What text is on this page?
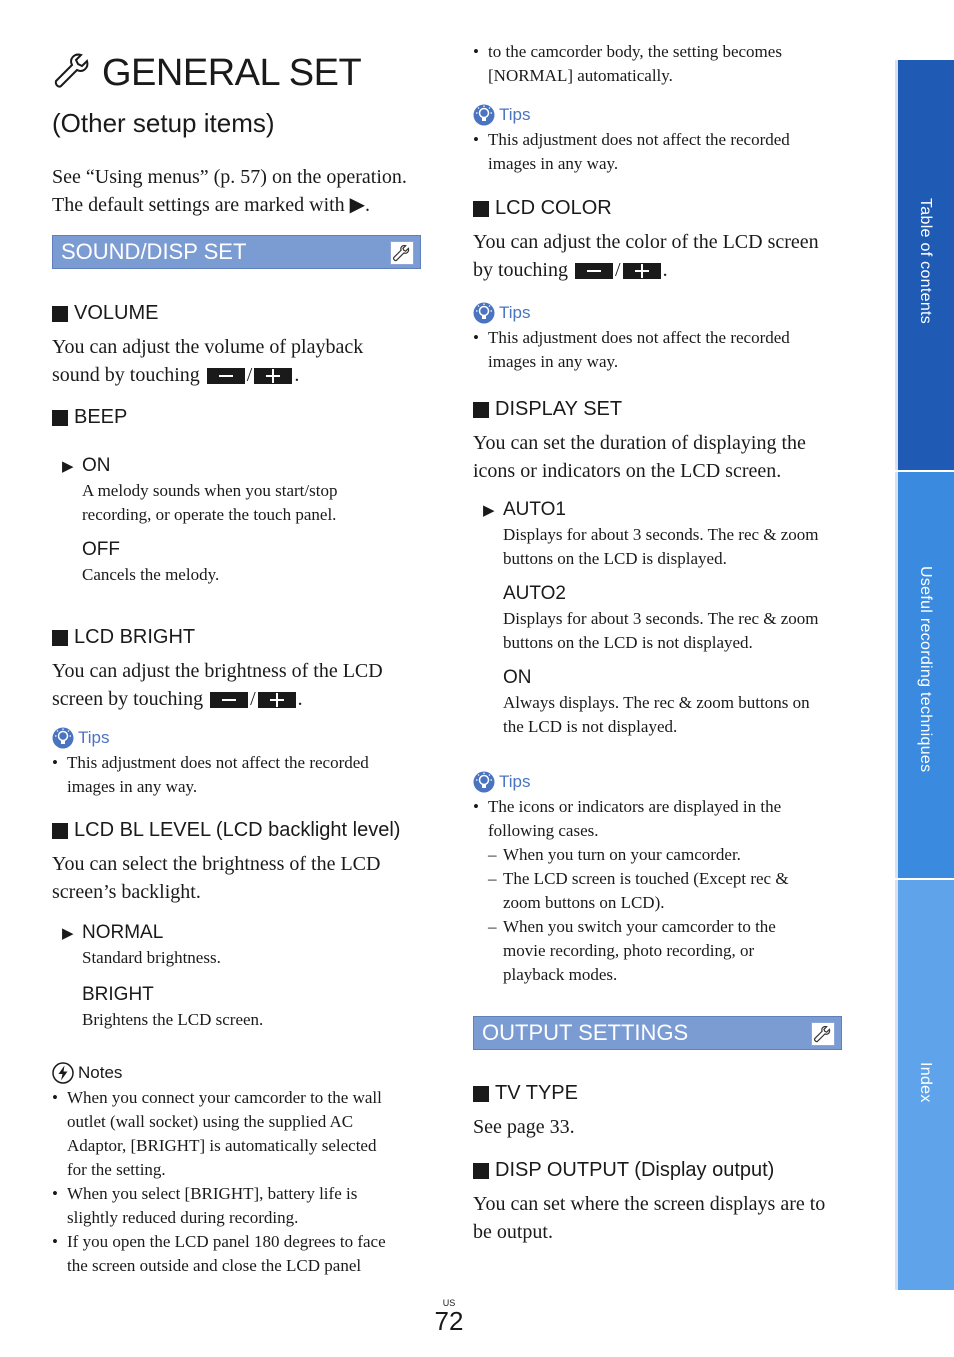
GENERAL SET
(Other setup items)
See “Using menus” (p. 57) on the operation.
The default settings are marked with ▶.
SOUND/DISP SET
VOLUME
You can adjust the volume of playback
sound by touching / .
BEEP
▶ ON
A melody sounds when you start/stop
recording, or operate the touch panel.
OFF
Cancels the melody.
LCD BRIGHT
You can adjust the brightness of the LCD
screen by touching / .
Tips
• This adjustment does not affect the recorded
images in any way.
LCD BL LEVEL (LCD backlight level)
You can select the brightness of the LCD
screen’s backlight.
▶ NORMAL
Standard brightness.
BRIGHT
Brightens the LCD screen.
Notes
• When you connect your camcorder to the wall
outlet (wall socket) using the supplied AC
Adaptor, [BRIGHT] is automatically selected
for the setting.
• When you select [BRIGHT], battery life is
slightly reduced during recording.
• If you open the LCD panel 180 degrees to face
the screen outside and close the LCD panel
• to the camcorder body, the setting becomes
[NORMAL] automatically.
Tips
• This adjustment does not affect the recorded
images in any way.
LCD COLOR
You can adjust the color of the LCD screen
by touching / .
Tips
• This adjustment does not affect the recorded
images in any way.
DISPLAY SET
You can set the duration of displaying the
icons or indicators on the LCD screen.
▶ AUTO1
Displays for about 3 seconds. The rec & zoom
buttons on the LCD is displayed.
AUTO2
Displays for about 3 seconds. The rec & zoom
buttons on the LCD is not displayed.
ON
Always displays. The rec & zoom buttons on
the LCD is not displayed.
Tips
• The icons or indicators are displayed in the
following cases.
– When you turn on your camcorder.
– The LCD screen is touched (Except rec &
zoom buttons on LCD).
– When you switch your camcorder to the
movie recording, photo recording, or
playback modes.
OUTPUT SETTINGS
TV TYPE
See page 33.
DISP OUTPUT (Display output)
You can set where the screen displays are to
be output.
US
72
Table of contents
Useful recording techniques
Index
